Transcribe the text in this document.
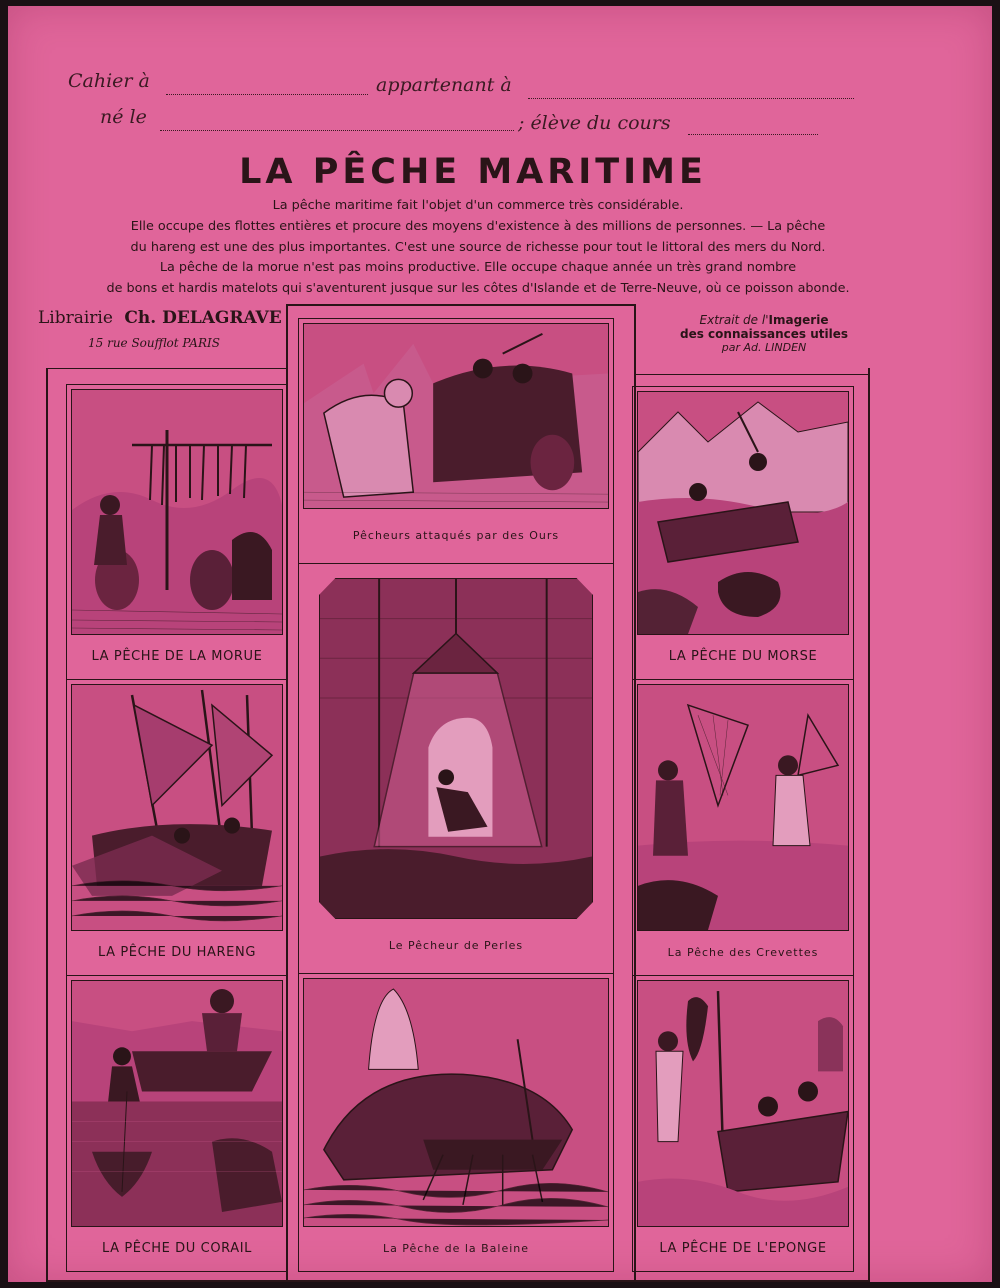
Cahier à	appartenant à
né le	; élève du cours
LA PÊCHE MARITIME
La pêche maritime fait l'objet d'un commerce très considérable.
Elle occupe des flottes entières et procure des moyens d'existence à des millions de personnes. — La pêche
du hareng est une des plus importantes. C'est une source de richesse pour tout le littoral des mers du Nord.
La pêche de la morue n'est pas moins productive. Elle occupe chaque année un très grand nombre
de bons et hardis matelots qui s'aventurent jusque sur les côtes d'Islande et de Terre-Neuve, où ce poisson abonde.
Librairie Ch. DELAGRAVE
15 rue Soufflot PARIS
Extrait de l'Imagerie
des connaissances utiles
par Ad. LINDEN
LA PÊCHE DE LA MORUE
LA PÊCHE DU HARENG
LA PÊCHE DU CORAIL
Pêcheurs attaqués par des Ours
Le Pêcheur de Perles
La Pêche de la Baleine
LA PÊCHE DU MORSE
La Pêche des Crevettes
LA PÊCHE DE L'EPONGE
